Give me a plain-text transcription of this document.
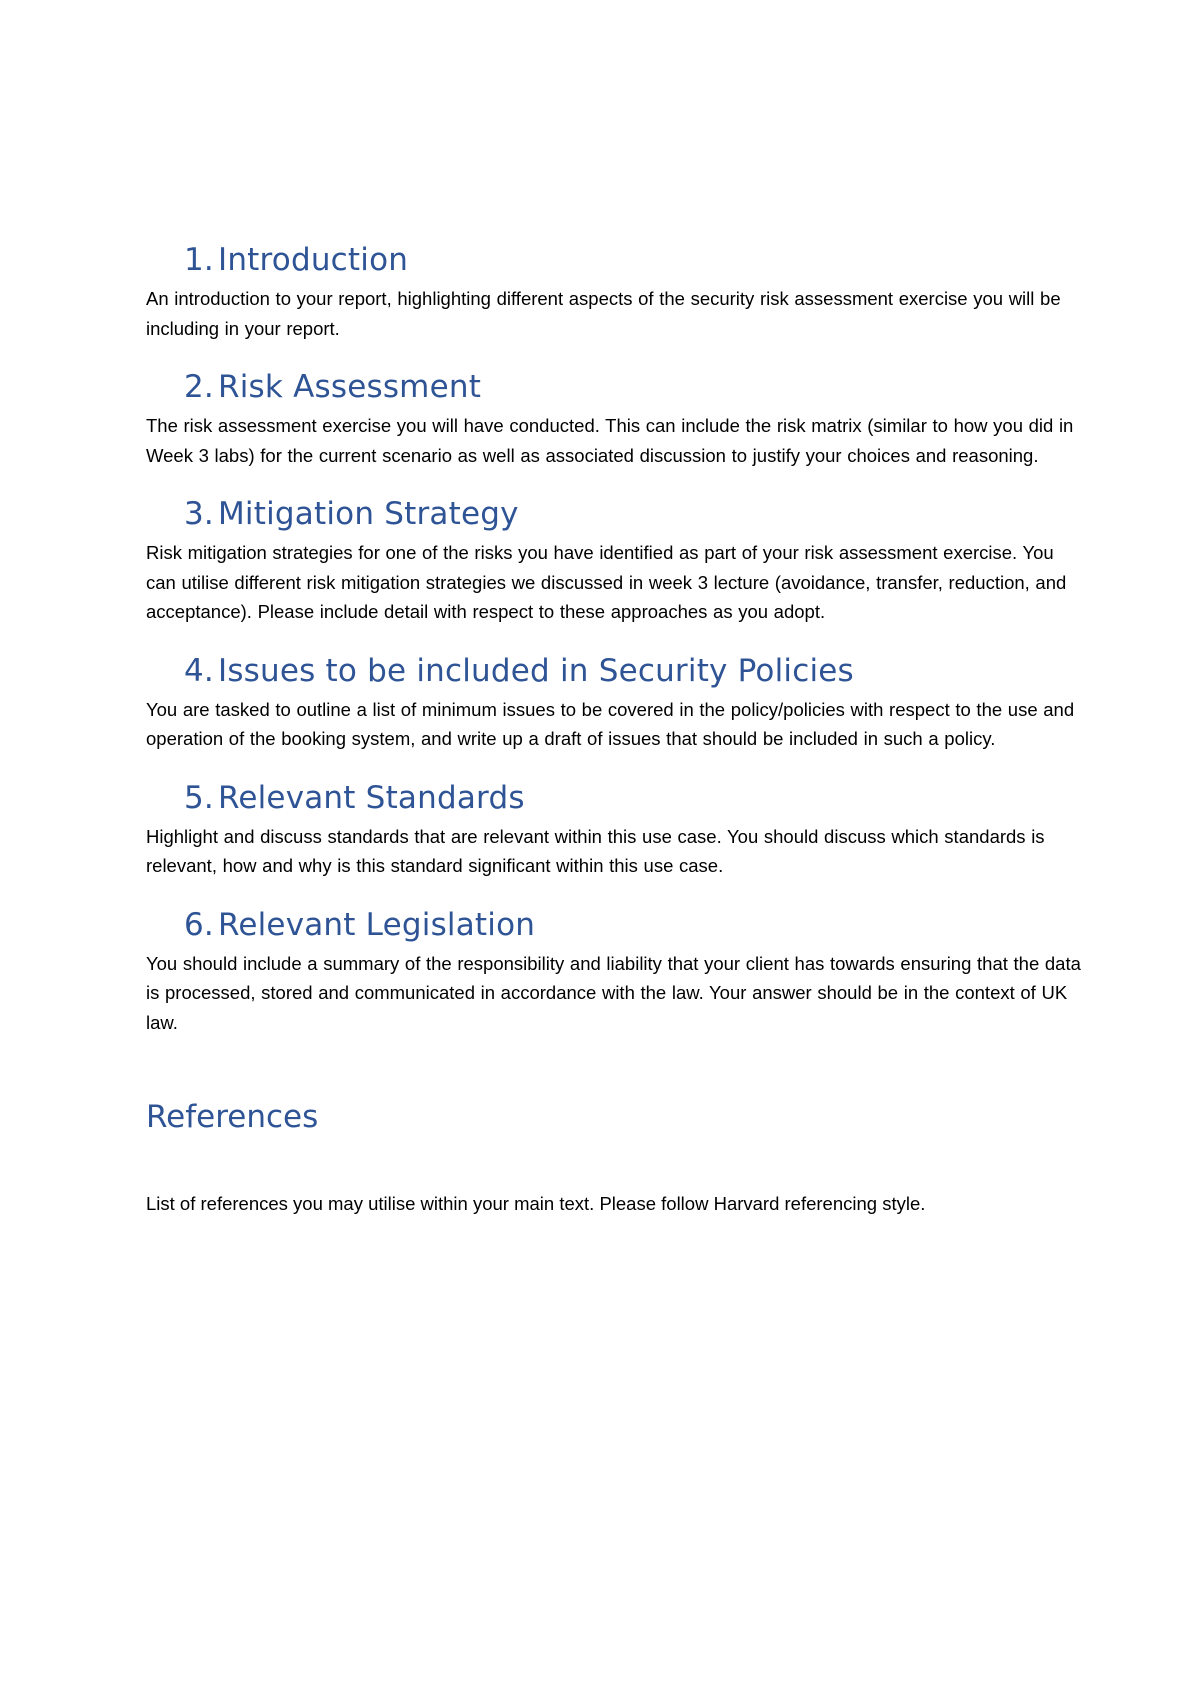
1. Introduction

An introduction to your report, highlighting different aspects of the security risk assessment exercise you will be including in your report.

2. Risk Assessment

The risk assessment exercise you will have conducted. This can include the risk matrix (similar to how you did in Week 3 labs) for the current scenario as well as associated discussion to justify your choices and reasoning.

3. Mitigation Strategy

Risk mitigation strategies for one of the risks you have identified as part of your risk assessment exercise. You can utilise different risk mitigation strategies we discussed in week 3 lecture (avoidance, transfer, reduction, and acceptance). Please include detail with respect to these approaches as you adopt.

4. Issues to be included in Security Policies

You are tasked to outline a list of minimum issues to be covered in the policy/policies with respect to the use and operation of the booking system, and write up a draft of issues that should be included in such a policy.

5. Relevant Standards

Highlight and discuss standards that are relevant within this use case. You should discuss which standards is relevant, how and why is this standard significant within this use case.

6. Relevant Legislation

You should include a summary of the responsibility and liability that your client has towards ensuring that the data is processed, stored and communicated in accordance with the law. Your answer should be in the context of UK law.

References

List of references you may utilise within your main text. Please follow Harvard referencing style.
